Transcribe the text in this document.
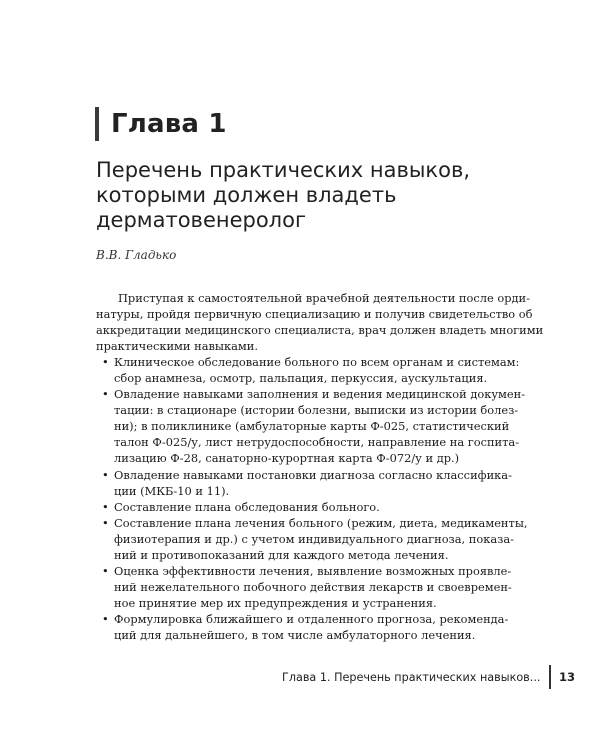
Глава 1
Перечень практических навыков,
которыми должен владеть
дерматовенеролог
В.В. Гладько
Приступая к самостоятельной врачебной деятельности после орди-
натуры, пройдя первичную специализацию и получив свидетельство об
аккредитации медицинского специалиста, врач должен владеть многими
практическими навыками.
• Клиническое обследование больного по всем органам и системам:
сбор анамнеза, осмотр, пальпация, перкуссия, аускультация.
• Овладение навыками заполнения и ведения медицинской докумен-
тации: в стационаре (истории болезни, выписки из истории болез-
ни); в поликлинике (амбулаторные карты Ф-025, статистический
талон Ф-025/у, лист нетрудоспособности, направление на госпита-
лизацию Ф-28, санаторно-курортная карта Ф-072/у и др.)
• Овладение навыками постановки диагноза согласно классифика-
ции (МКБ-10 и 11).
• Составление плана обследования больного.
• Составление плана лечения больного (режим, диета, медикаменты,
физиотерапия и др.) с учетом индивидуального диагноза, показа-
ний и противопоказаний для каждого метода лечения.
• Оценка эффективности лечения, выявление возможных проявле-
ний нежелательного побочного действия лекарств и своевремен-
ное принятие мер их предупреждения и устранения.
• Формулировка ближайшего и отдаленного прогноза, рекоменда-
ций для дальнейшего, в том числе амбулаторного лечения.
Глава 1. Перечень практических навыков... 13
